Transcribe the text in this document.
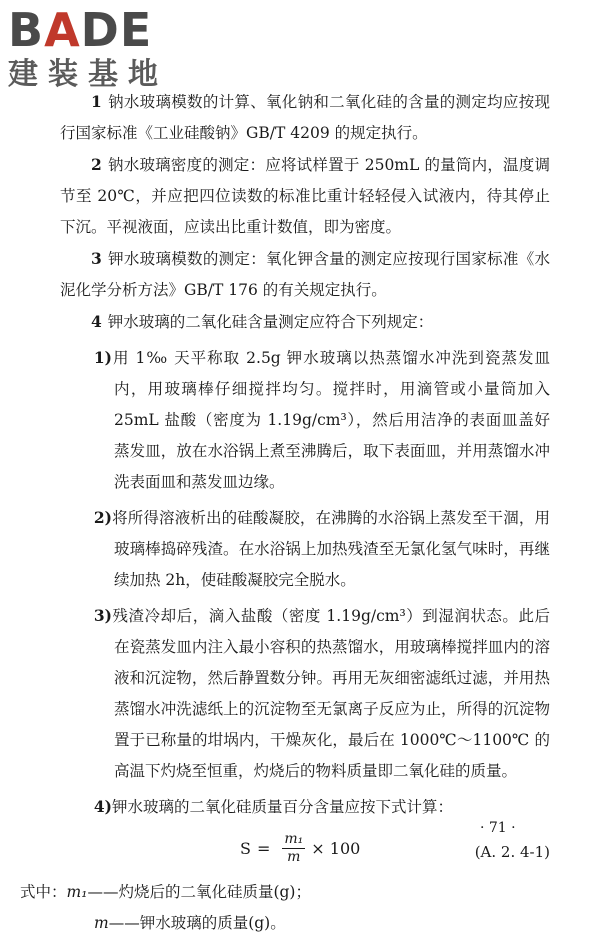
BADE
建装基地

1 钠水玻璃模数的计算、氧化钠和二氧化硅的含量的测定均应按现行国家标准《工业硅酸钠》GB/T 4209 的规定执行。

2 钠水玻璃密度的测定：应将试样置于 250mL 的量筒内，温度调节至 20℃，并应把四位读数的标准比重计轻轻侵入试液内，待其停止下沉。平视液面，应读出比重计数值，即为密度。

3 钾水玻璃模数的测定：氧化钾含量的测定应按现行国家标准《水泥化学分析方法》GB/T 176 的有关规定执行。

4 钾水玻璃的二氧化硅含量测定应符合下列规定：

1)用 1‰ 天平称取 2.5g 钾水玻璃以热蒸馏水冲洗到瓷蒸发皿内，用玻璃棒仔细搅拌均匀。搅拌时，用滴管或小量筒加入 25mL 盐酸（密度为 1.19g/cm³），然后用洁净的表面皿盖好蒸发皿，放在水浴锅上煮至沸腾后，取下表面皿，并用蒸馏水冲洗表面皿和蒸发皿边缘。

2)将所得溶液析出的硅酸凝胶，在沸腾的水浴锅上蒸发至干涸，用玻璃棒捣碎残渣。在水浴锅上加热残渣至无氯化氢气味时，再继续加热 2h，使硅酸凝胶完全脱水。

3)残渣冷却后，滴入盐酸（密度 1.19g/cm³）到湿润状态。此后在瓷蒸发皿内注入最小容积的热蒸馏水，用玻璃棒搅拌皿内的溶液和沉淀物，然后静置数分钟。再用无灰细密滤纸过滤，并用热蒸馏水冲洗滤纸上的沉淀物至无氯离子反应为止，所得的沉淀物置于已称量的坩埚内，干燥灰化，最后在 1000℃～1100℃ 的高温下灼烧至恒重，灼烧后的物料质量即二氧化硅的质量。

4)钾水玻璃的二氧化硅质量百分含量应按下式计算：

$S = \frac{\text{m₁}}{m} \times 100$	(A. 2. 4-1)

式中：m₁——灼烧后的二氧化硅质量(g)；

m——钾水玻璃的质量(g)。

· 71 ·
